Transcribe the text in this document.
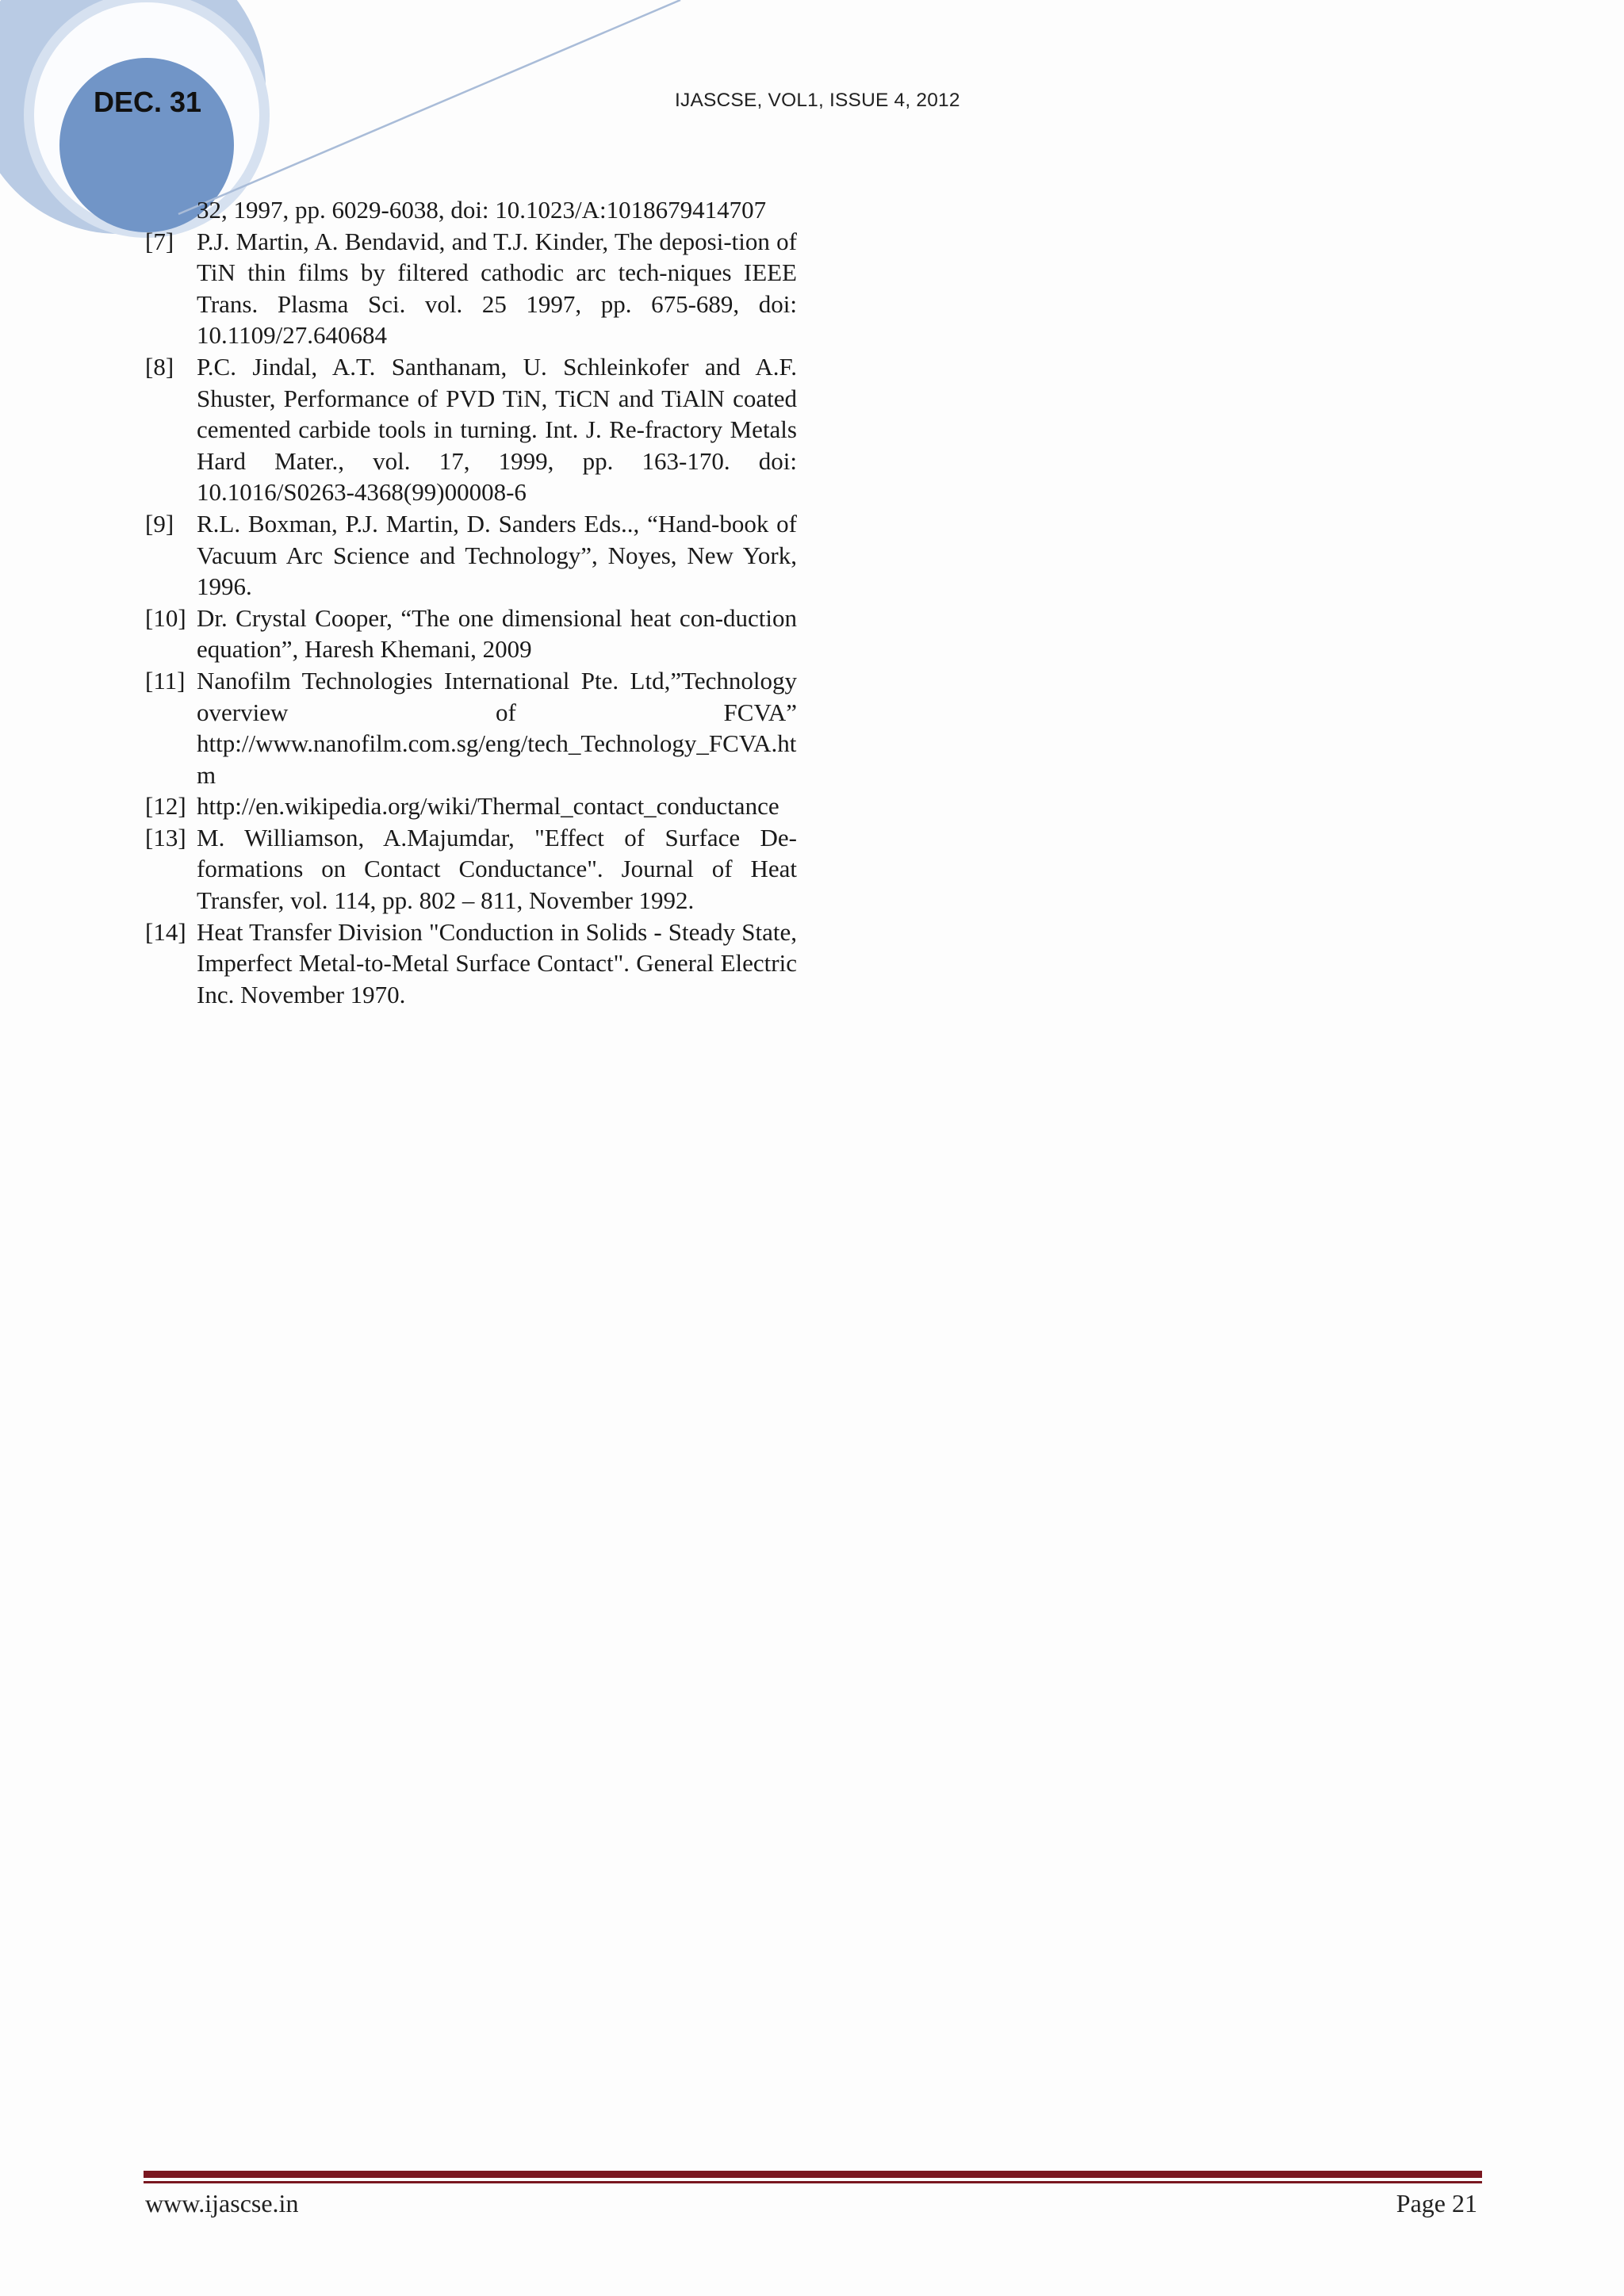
DEC. 31	IJASCSE, VOL1, ISSUE 4, 2012
32, 1997, pp. 6029-6038, doi: 10.1023/A:1018679414707
[7] P.J. Martin, A. Bendavid, and T.J. Kinder, The deposi-tion of TiN thin films by filtered cathodic arc tech-niques IEEE Trans. Plasma Sci. vol. 25 1997, pp. 675-689, doi: 10.1109/27.640684
[8] P.C. Jindal, A.T. Santhanam, U. Schleinkofer and A.F. Shuster, Performance of PVD TiN, TiCN and TiAlN coated cemented carbide tools in turning. Int. J. Re-fractory Metals Hard Mater., vol. 17, 1999, pp. 163-170. doi: 10.1016/S0263-4368(99)00008-6
[9] R.L. Boxman, P.J. Martin, D. Sanders Eds.., “Hand-book of Vacuum Arc Science and Technology”, Noyes, New York, 1996.
[10] Dr. Crystal Cooper, “The one dimensional heat con-duction equation”, Haresh Khemani, 2009
[11] Nanofilm Technologies International Pte. Ltd,”Technology overview of FCVA” http://www.nanofilm.com.sg/eng/tech_Technology_FCVA.htm
[12] http://en.wikipedia.org/wiki/Thermal_contact_conductance
[13] M. Williamson, A.Majumdar, "Effect of Surface De-formations on Contact Conductance". Journal of Heat Transfer, vol. 114, pp. 802 – 811, November 1992.
[14] Heat Transfer Division "Conduction in Solids - Steady State, Imperfect Metal-to-Metal Surface Contact". General Electric Inc. November 1970.
www.ijascse.in	Page 21
